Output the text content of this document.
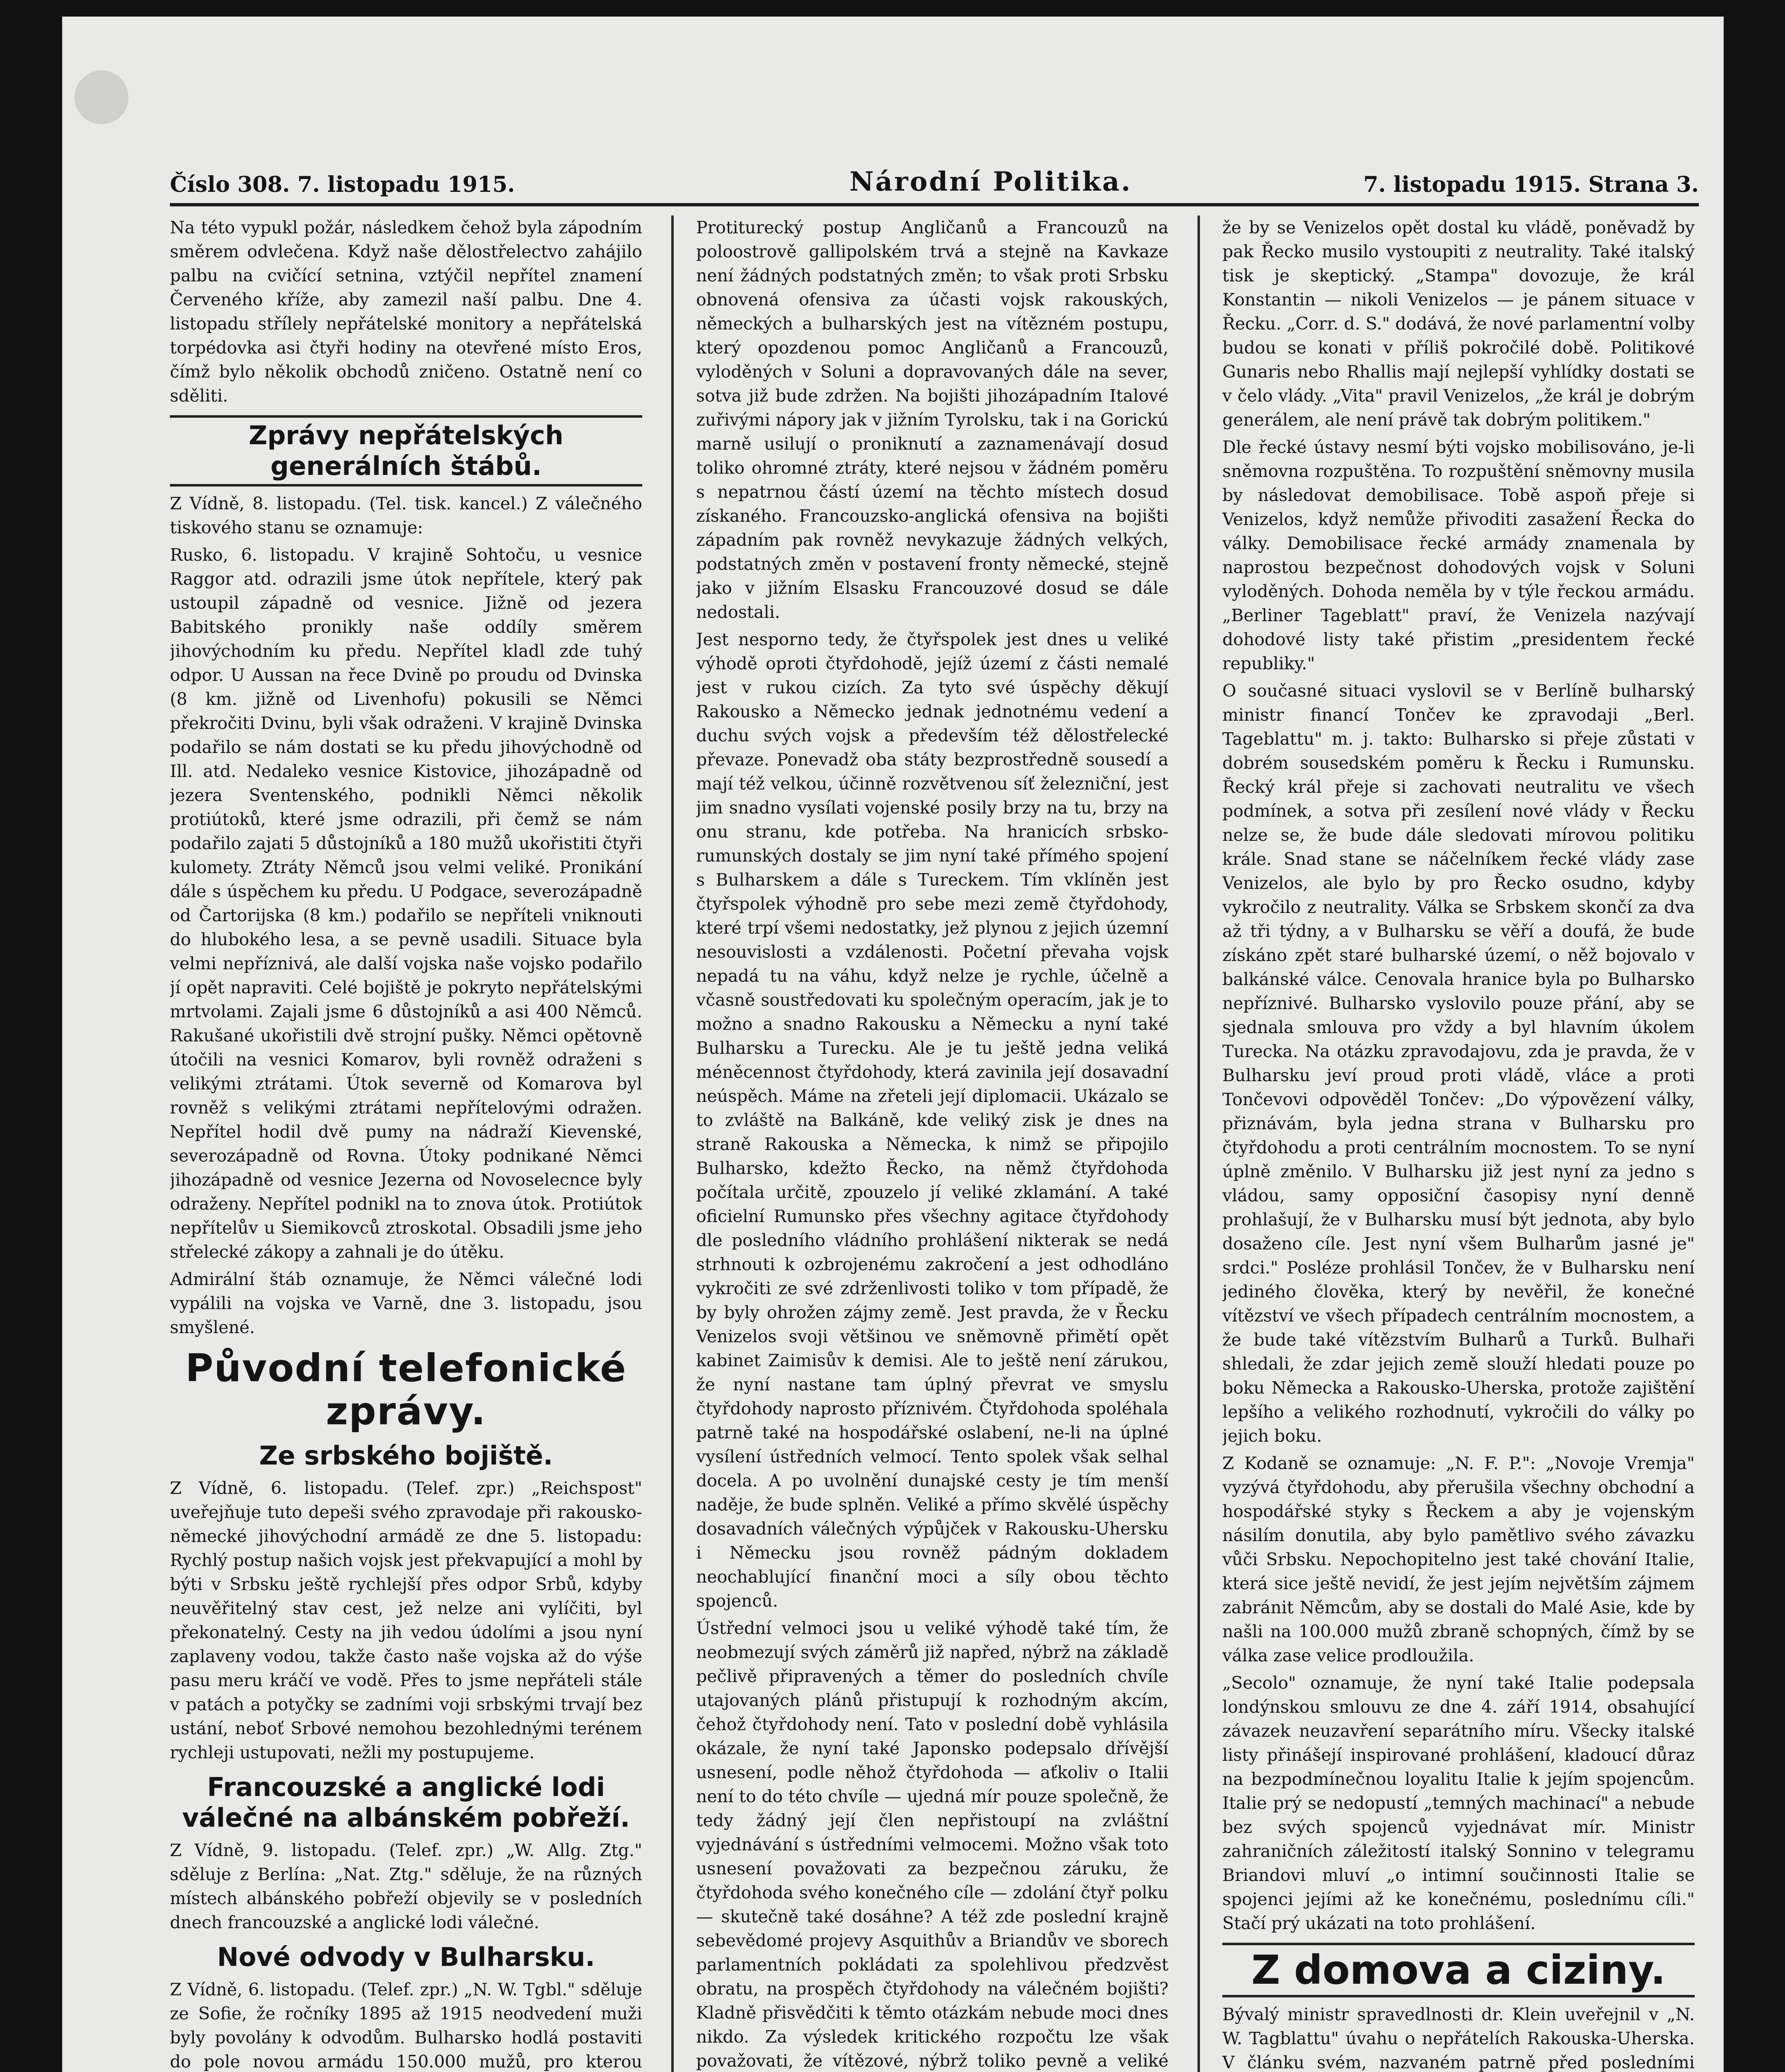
Číslo 308. 7. listopadu 1915.	Národní Politika.	7. listopadu 1915. Strana 3.

Na této vypukl požár, následkem čehož byla zápodním směrem odvlečena. Když naše dělostřelectvo zahájilo palbu na cvičící setnina, vztýčil nepřítel znamení Červeného kříže, aby zamezil naší palbu. Dne 4. listopadu střílely nepřátelské monitory a nepřátelská torpédovka asi čtyři hodiny na otevřené místo Eros, čímž bylo několik obchodů zničeno. Ostatně není co sděliti.

Zprávy nepřátelských generálních štábů.

Z Vídně, 8. listopadu. (Tel. tisk. kancel.) Z válečného tiskového stanu se oznamuje:

Rusko, 6. listopadu. V krajině Sohtoču, u vesnice Raggor atd. odrazili jsme útok nepřítele, který pak ustoupil západně od vesnice. Jižně od jezera Babitského pronikly naše oddíly směrem jihovýchodním ku předu. Nepřítel kladl zde tuhý odpor. U Aussan na řece Dvině po proudu od Dvinska (8 km. jižně od Livenhofu) pokusili se Němci překročiti Dvinu, byli však odraženi. V krajině Dvinska podařilo se nám dostati se ku předu jihovýchodně od Ill. atd. Nedaleko vesnice Kistovice, jihozápadně od jezera Sventenského, podnikli Němci několik protiútoků, které jsme odrazili, při čemž se nám podařilo zajati 5 důstojníků a 180 mužů ukořistiti čtyři kulomety. Ztráty Němců jsou velmi veliké. Pronikání dále s úspěchem ku předu. U Podgace, severozápadně od Čartorijska (8 km.) podařilo se nepříteli vniknouti do hlubokého lesa, a se pevně usadili. Situace byla velmi nepříznivá, ale další vojska naše vojsko podařilo jí opět napraviti. Celé bojiště je pokryto nepřátelskými mrtvolami. Zajali jsme 6 důstojníků a asi 400 Němců. Rakušané ukořistili dvě strojní pušky. Němci opětovně útočili na vesnici Komarov, byli rovněž odraženi s velikými ztrátami. Útok severně od Komarova byl rovněž s velikými ztrátami nepřítelovými odražen. Nepřítel hodil dvě pumy na nádraží Kievenské, severozápadně od Rovna. Útoky podnikané Němci jihozápadně od vesnice Jezerna od Novoselecnce byly odraženy. Nepřítel podnikl na to znova útok. Protiútok nepřítelův u Siemikovců ztroskotal. Obsadili jsme jeho střelecké zákopy a zahnali je do útěku.

Admirální štáb oznamuje, že Němci válečné lodi vypálili na vojska ve Varně, dne 3. listopadu, jsou smyšlené.

Původní telefonické zprávy.
Ze srbského bojiště.

Z Vídně, 6. listopadu. (Telef. zpr.) „Reichspost" uveřejňuje tuto depeši svého zpravodaje při rakousko-německé jihovýchodní armádě ze dne 5. listopadu: Rychlý postup našich vojsk jest překvapující a mohl by býti v Srbsku ještě rychlejší přes odpor Srbů, kdyby neuvěřitelný stav cest, jež nelze ani vylíčiti, byl překonatelný. Cesty na jih vedou údolími a jsou nyní zaplaveny vodou, takže často naše vojska až do výše pasu meru kráčí ve vodě. Přes to jsme nepřáteli stále v patách a potyčky se zadními voji srbskými trvají bez ustání, neboť Srbové nemohou bezohlednými terénem rychleji ustupovati, nežli my postupujeme.

Francouzské a anglické lodi válečné na albánském pobřeží.

Z Vídně, 9. listopadu. (Telef. zpr.) „W. Allg. Ztg." sděluje z Berlína: „Nat. Ztg." sděluje, že na různých místech albánského pobřeží objevily se v posledních dnech francouzské a anglické lodi válečné.

Nové odvody v Bulharsku.

Z Vídně, 6. listopadu. (Telef. zpr.) „N. W. Tgbl." sděluje ze Sofie, že ročníky 1895 až 1915 neodvedení muži byly povolány k odvodům. Bulharsko hodlá postaviti do pole novou armádu 150.000 mužů, pro kterou

Protiturecký postup Angličanů a Francouzů na poloostrově gallipolském trvá a stejně na Kavkaze není žádných podstatných změn; to však proti Srbsku obnovená ofensiva za účasti vojsk rakouských, německých a bulharských jest na vítězném postupu, který opozdenou pomoc Angličanů a Francouzů, vyloděných v Soluni a dopravovaných dále na sever, sotva již bude zdržen. Na bojišti jihozápadním Italové zuřivými nápory jak v jižním Tyrolsku, tak i na Gorickú marně usilují o proniknutí a zaznamenávají dosud toliko ohromné ztráty, které nejsou v žádném poměru s nepatrnou částí území na těchto místech dosud získaného. Francouzsko-anglická ofensiva na bojišti západním pak rovněž nevykazuje žádných velkých, podstatných změn v postavení fronty německé, stejně jako v jižním Elsasku Francouzové dosud se dále nedostali.

Jest nesporno tedy, že čtyřspolek jest dnes u veliké výhodě oproti čtyřdohodě, jejíž území z části nemalé jest v rukou cizích. Za tyto své úspěchy děkují Rakousko a Německo jednak jednotnému vedení a duchu svých vojsk a především též dělostřelecké převaze. Ponevadž oba státy bezprostředně sousedí a mají též velkou, účinně rozvětvenou síť železniční, jest jim snadno vysílati vojenské posily brzy na tu, brzy na onu stranu, kde potřeba. Na hranicích srbsko-rumunských dostaly se jim nyní také přímého spojení s Bulharskem a dále s Tureckem. Tím vklíněn jest čtyřspolek výhodně pro sebe mezi země čtyřdohody, které trpí všemi nedostatky, jež plynou z jejich územní nesouvislosti a vzdálenosti. Početní převaha vojsk nepadá tu na váhu, když nelze je rychle, účelně a včasně soustředovati ku společným operacím, jak je to možno a snadno Rakousku a Německu a nyní také Bulharsku a Turecku. Ale je tu ještě jedna veliká méněcennost čtyřdohody, která zavinila její dosavadní neúspěch. Máme na zřeteli její diplomacii. Ukázalo se to zvláště na Balkáně, kde veliký zisk je dnes na straně Rakouska a Německa, k nimž se připojilo Bulharsko, kdežto Řecko, na němž čtyřdohoda počítala určitě, zpouzelo jí veliké zklamání. A také oficielní Rumunsko přes všechny agitace čtyřdohody dle posledního vládního prohlášení nikterak se nedá strhnouti k ozbrojenému zakročení a jest odhodláno vykročiti ze své zdrženlivosti toliko v tom případě, že by byly ohrožen zájmy země. Jest pravda, že v Řecku Venizelos svoji většinou ve sněmovně přimětí opět kabinet Zaimisův k demisi. Ale to ještě není zárukou, že nyní nastane tam úplný převrat ve smyslu čtyřdohody naprosto příznivém. Čtyřdohoda spoléhala patrně také na hospodářské oslabení, ne-li na úplné vysílení ústředních velmocí. Tento spolek však selhal docela. A po uvolnění dunajské cesty je tím menší naděje, že bude splněn. Veliké a přímo skvělé úspěchy dosavadních válečných výpůjček v Rakousku-Uhersku i Německu jsou rovněž pádným dokladem neochablující finanční moci a síly obou těchto spojenců.

Ústřední velmoci jsou u veliké výhodě také tím, že neobmezují svých záměrů již napřed, nýbrž na základě pečlivě připravených a těmer do posledních chvíle utajovaných plánů přistupují k rozhodným akcím, čehož čtyřdohody není. Tato v poslední době vyhlásila okázale, že nyní také Japonsko podepsalo dřívější usnesení, podle něhož čtyřdohoda — aťkoliv o Italii není to do této chvíle — ujedná mír pouze společně, že tedy žádný její člen nepřistoupí na zvláštní vyjednávání s ústředními velmocemi. Možno však toto usnesení považovati za bezpečnou záruku, že čtyřdohoda svého konečného cíle — zdolání čtyř polku — skutečně také dosáhne? A též zde poslední krajně sebevědomé projevy Asquithův a Briandův ve sborech parlamentních pokládati za spolehlivou předzvěst obratu, na prospěch čtyřdohody na válečném bojišti? Kladně přisvědčiti k těmto otázkám nebude moci dnes nikdo. Za výsledek kritického rozpočtu lze však považovati, že vítězové, nýbrž toliko pevně a veliké

že by se Venizelos opět dostal ku vládě, poněvadž by pak Řecko musilo vystoupiti z neutrality. Také italský tisk je skeptický. „Stampa" dovozuje, že král Konstantin — nikoli Venizelos — je pánem situace v Řecku. „Corr. d. S." dodává, že nové parlamentní volby budou se konati v příliš pokročilé době. Politikové Gunaris nebo Rhallis mají nejlepší vyhlídky dostati se v čelo vlády. „Vita" pravil Venizelos, „že král je dobrým generálem, ale není právě tak dobrým politikem."

Dle řecké ústavy nesmí býti vojsko mobilisováno, je-li sněmovna rozpuštěna. To rozpuštění sněmovny musila by následovat demobilisace. Tobě aspoň přeje si Venizelos, když nemůže přivoditi zasažení Řecka do války. Demobilisace řecké armády znamenala by naprostou bezpečnost dohodových vojsk v Soluni vyloděných. Dohoda neměla by v týle řeckou armádu. „Berliner Tageblatt" praví, že Venizela nazývají dohodové listy také přistim „presidentem řecké republiky."

O současné situaci vyslovil se v Berlíně bulharský ministr financí Tončev ke zpravodaji „Berl. Tageblattu" m. j. takto: Bulharsko si přeje zůstati v dobrém sousedském poměru k Řecku i Rumunsku. Řecký král přeje si zachovati neutralitu ve všech podmínek, a sotva při zesílení nové vlády v Řecku nelze se, že bude dále sledovati mírovou politiku krále. Snad stane se náčelníkem řecké vlády zase Venizelos, ale bylo by pro Řecko osudno, kdyby vykročilo z neutrality. Válka se Srbskem skončí za dva až tři týdny, a v Bulharsku se věří a doufá, že bude získáno zpět staré bulharské území, o něž bojovalo v balkánské válce. Cenovala hranice byla po Bulharsko nepříznivé. Bulharsko vyslovilo pouze přání, aby se sjednala smlouva pro vždy a byl hlavním úkolem Turecka. Na otázku zpravodajovu, zda je pravda, že v Bulharsku jeví proud proti vládě, vláce a proti Tončevovi odpověděl Tončev: „Do výpovězení války, přiznávám, byla jedna strana v Bulharsku pro čtyřdohodu a proti centrálním mocnostem. To se nyní úplně změnilo. V Bulharsku již jest nyní za jedno s vládou, samy opposiční časopisy nyní denně prohlašují, že v Bulharsku musí být jednota, aby bylo dosaženo cíle. Jest nyní všem Bulharům jasné je" srdci." Posléze prohlásil Tončev, že v Bulharsku není jediného člověka, který by nevěřil, že konečné vítězství ve všech případech centrálním mocnostem, a že bude také vítězstvím Bulharů a Turků. Bulhaři shledali, že zdar jejich země slouží hledati pouze po boku Německa a Rakousko-Uherska, protože zajištění lepšího a velikého rozhodnutí, vykročili do války po jejich boku.

Z Kodaně se oznamuje: „N. F. P.": „Novoje Vremja" vyzývá čtyřdohodu, aby přerušila všechny obchodní a hospodářské styky s Řeckem a aby je vojenským násilím donutila, aby bylo pamětlivo svého závazku vůči Srbsku. Nepochopitelno jest také chování Italie, která sice ještě nevidí, že jest jejím největším zájmem zabránit Němcům, aby se dostali do Malé Asie, kde by našli na 100.000 mužů zbraně schopných, čímž by se válka zase velice prodloužila.

„Secolo" oznamuje, že nyní také Italie podepsala londýnskou smlouvu ze dne 4. září 1914, obsahující závazek neuzavření separátního míru. Všecky italské listy přinášejí inspirované prohlášení, kladoucí důraz na bezpodmínečnou loyalitu Italie k jejím spojencům. Italie prý se nedopustí „temných machinací" a nebude bez svých spojenců vyjednávat mír. Ministr zahraničních záležitostí italský Sonnino v telegramu Briandovi mluví „o intimní součinnosti Italie se spojenci jejími až ke konečnému, poslednímu cíli." Stačí prý ukázati na toto prohlášení.

Z domova a ciziny.

Bývalý ministr spravedlnosti dr. Klein uveřejnil v „N. W. Tagblattu" úvahu o nepřátelích Rakouska-Uherska. V článku svém, nazvaném patrně před posledními
